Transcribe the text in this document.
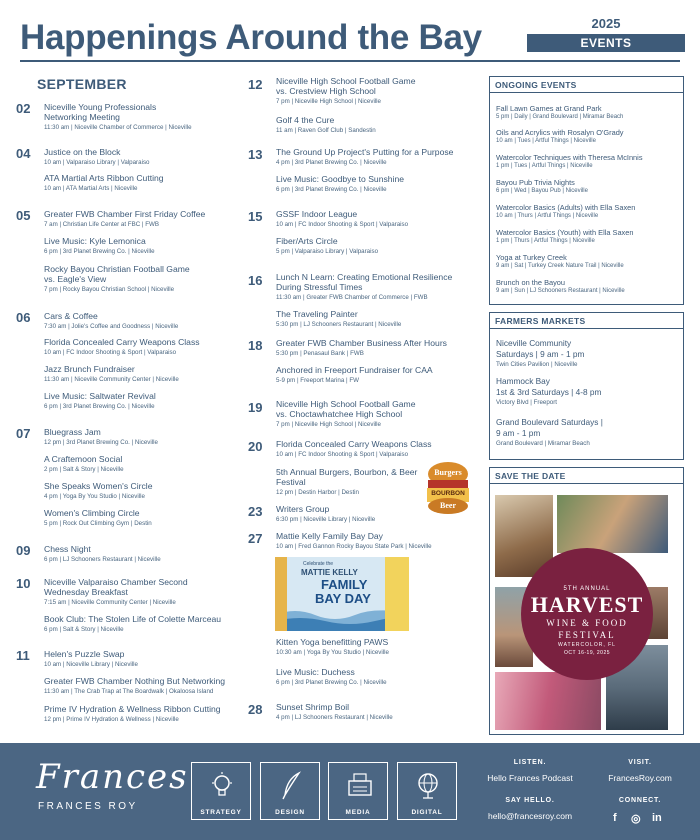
Happenings Around the Bay	2025
EVENTS
SEPTEMBER
02	Niceville Young Professionals
Networking Meeting
11:30 am | Niceville Chamber of Commerce | Niceville
04	Justice on the Block
10 am | Valparaiso Library | Valparaiso
ATA Martial Arts Ribbon Cutting
10 am | ATA Martial Arts | Niceville
05	Greater FWB Chamber First Friday Coffee
7 am | Christian Life Center at FBC | FWB
Live Music: Kyle Lemonica
6 pm | 3rd Planet Brewing Co. | Niceville
Rocky Bayou Christian Football Game
vs. Eagle's View
7 pm | Rocky Bayou Christian School | Niceville
06	Cars & Coffee
7:30 am | Jolie's Coffee and Goodness | Niceville
Florida Concealed Carry Weapons Class
10 am | FC Indoor Shooting & Sport | Valparaiso
Jazz Brunch Fundraiser
11:30 am | Niceville Community Center | Niceville
Live Music: Saltwater Revival
6 pm | 3rd Planet Brewing Co. | Niceville
07	Bluegrass Jam
12 pm | 3rd Planet Brewing Co. | Niceville
A Craftemoon Social
2 pm | Salt & Story | Niceville
She Speaks Women's Circle
4 pm | Yoga By You Studio | Niceville
Women's Climbing Circle
5 pm | Rock Out Climbing Gym | Destin
09	Chess Night
6 pm | LJ Schooners Restaurant | Niceville
10	Niceville Valparaiso Chamber Second
Wednesday Breakfast
7:15 am | Niceville Community Center | Niceville
Book Club: The Stolen Life of Colette Marceau
6 pm | Salt & Story | Niceville
11	Helen's Puzzle Swap
10 am | Niceville Library | Niceville
Greater FWB Chamber Nothing But Networking
11:30 am | The Crab Trap at The Boardwalk | Okaloosa Island
Prime IV Hydration & Wellness Ribbon Cutting
12 pm | Prime IV Hydration & Wellness | Niceville
12	Niceville High School Football Game
vs. Crestview High School
7 pm | Niceville High School | Niceville
Golf 4 the Cure
11 am | Raven Golf Club | Sandestin
13	The Ground Up Project's Putting for a Purpose
4 pm | 3rd Planet Brewing Co. | Niceville
Live Music: Goodbye to Sunshine
6 pm | 3rd Planet Brewing Co. | Niceville
15	GSSF Indoor League
10 am | FC Indoor Shooting & Sport | Valparaiso
Fiber/Arts Circle
5 pm | Valparaiso Library | Valparaiso
16	Lunch N Learn: Creating Emotional Resilience
During Stressful Times
11:30 am | Greater FWB Chamber of Commerce | FWB
The Traveling Painter
5:30 pm | LJ Schooners Restaurant | Niceville
18	Greater FWB Chamber Business After Hours
5:30 pm | Penasaul Bank | FWB
Anchored in Freeport Fundraiser for CAA
5-9 pm | Freeport Marina | FW
19	Niceville High School Football Game
vs. Choctawhatchee High School
7 pm | Niceville High School | Niceville
20	Florida Concealed Carry Weapons Class
10 am | FC Indoor Shooting & Sport | Valparaiso
5th Annual Burgers, Bourbon, & Beer
Festival
12 pm | Destin Harbor | Destin
23	Writers Group
6:30 pm | Niceville Library | Niceville
27	Mattie Kelly Family Bay Day
10 am | Fred Gannon Rocky Bayou State Park | Niceville
Kitten Yoga benefitting PAWS
10:30 am | Yoga By You Studio | Niceville
Live Music: Duchess
6 pm | 3rd Planet Brewing Co. | Niceville
28	Sunset Shrimp Boil
4 pm | LJ Schooners Restaurant | Niceville
Burgers
BOURBON
Beer
Celebrate the
MATTIE KELLY
FAMILY
BAY DAY
ONGOING EVENTS
Fall Lawn Games at Grand Park
5 pm | Daily | Grand Boulevard | Miramar Beach
Oils and Acrylics with Rosalyn O'Grady
10 am | Tues | Artful Things | Niceville
Watercolor Techniques with Theresa McInnis
1 pm | Tues | Artful Things | Niceville
Bayou Pub Trivia Nights
6 pm | Wed | Bayou Pub | Niceville
Watercolor Basics (Adults) with Ella Saxen
10 am | Thurs | Artful Things | Niceville
Watercolor Basics (Youth) with Ella Saxen
1 pm | Thurs | Artful Things | Niceville
Yoga at Turkey Creek
9 am | Sat | Turkey Creek Nature Trail | Niceville
Brunch on the Bayou
9 am | Sun | LJ Schooners Restaurant | Niceville
FARMERS MARKETS
Niceville Community
Saturdays | 9 am - 1 pm
Twin Cities Pavilion | Niceville
Hammock Bay
1st & 3rd Saturdays | 4-8 pm
Victory Blvd | Freeport
Grand Boulevard Saturdays |
9 am - 1 pm
Grand Boulevard | Miramar Beach
SAVE THE DATE
5TH ANNUAL
HARVEST
WINE & FOOD
FESTIVAL
WATERCOLOR, FL
OCT 16-19, 2025
Frances
FRANCES ROY
STRATEGY	DESIGN	MEDIA	DIGITAL
LISTEN.
Hello Frances Podcast
VISIT.
FrancesRoy.com
SAY HELLO.
hello@francesroy.com
CONNECT.
f ◎ in
